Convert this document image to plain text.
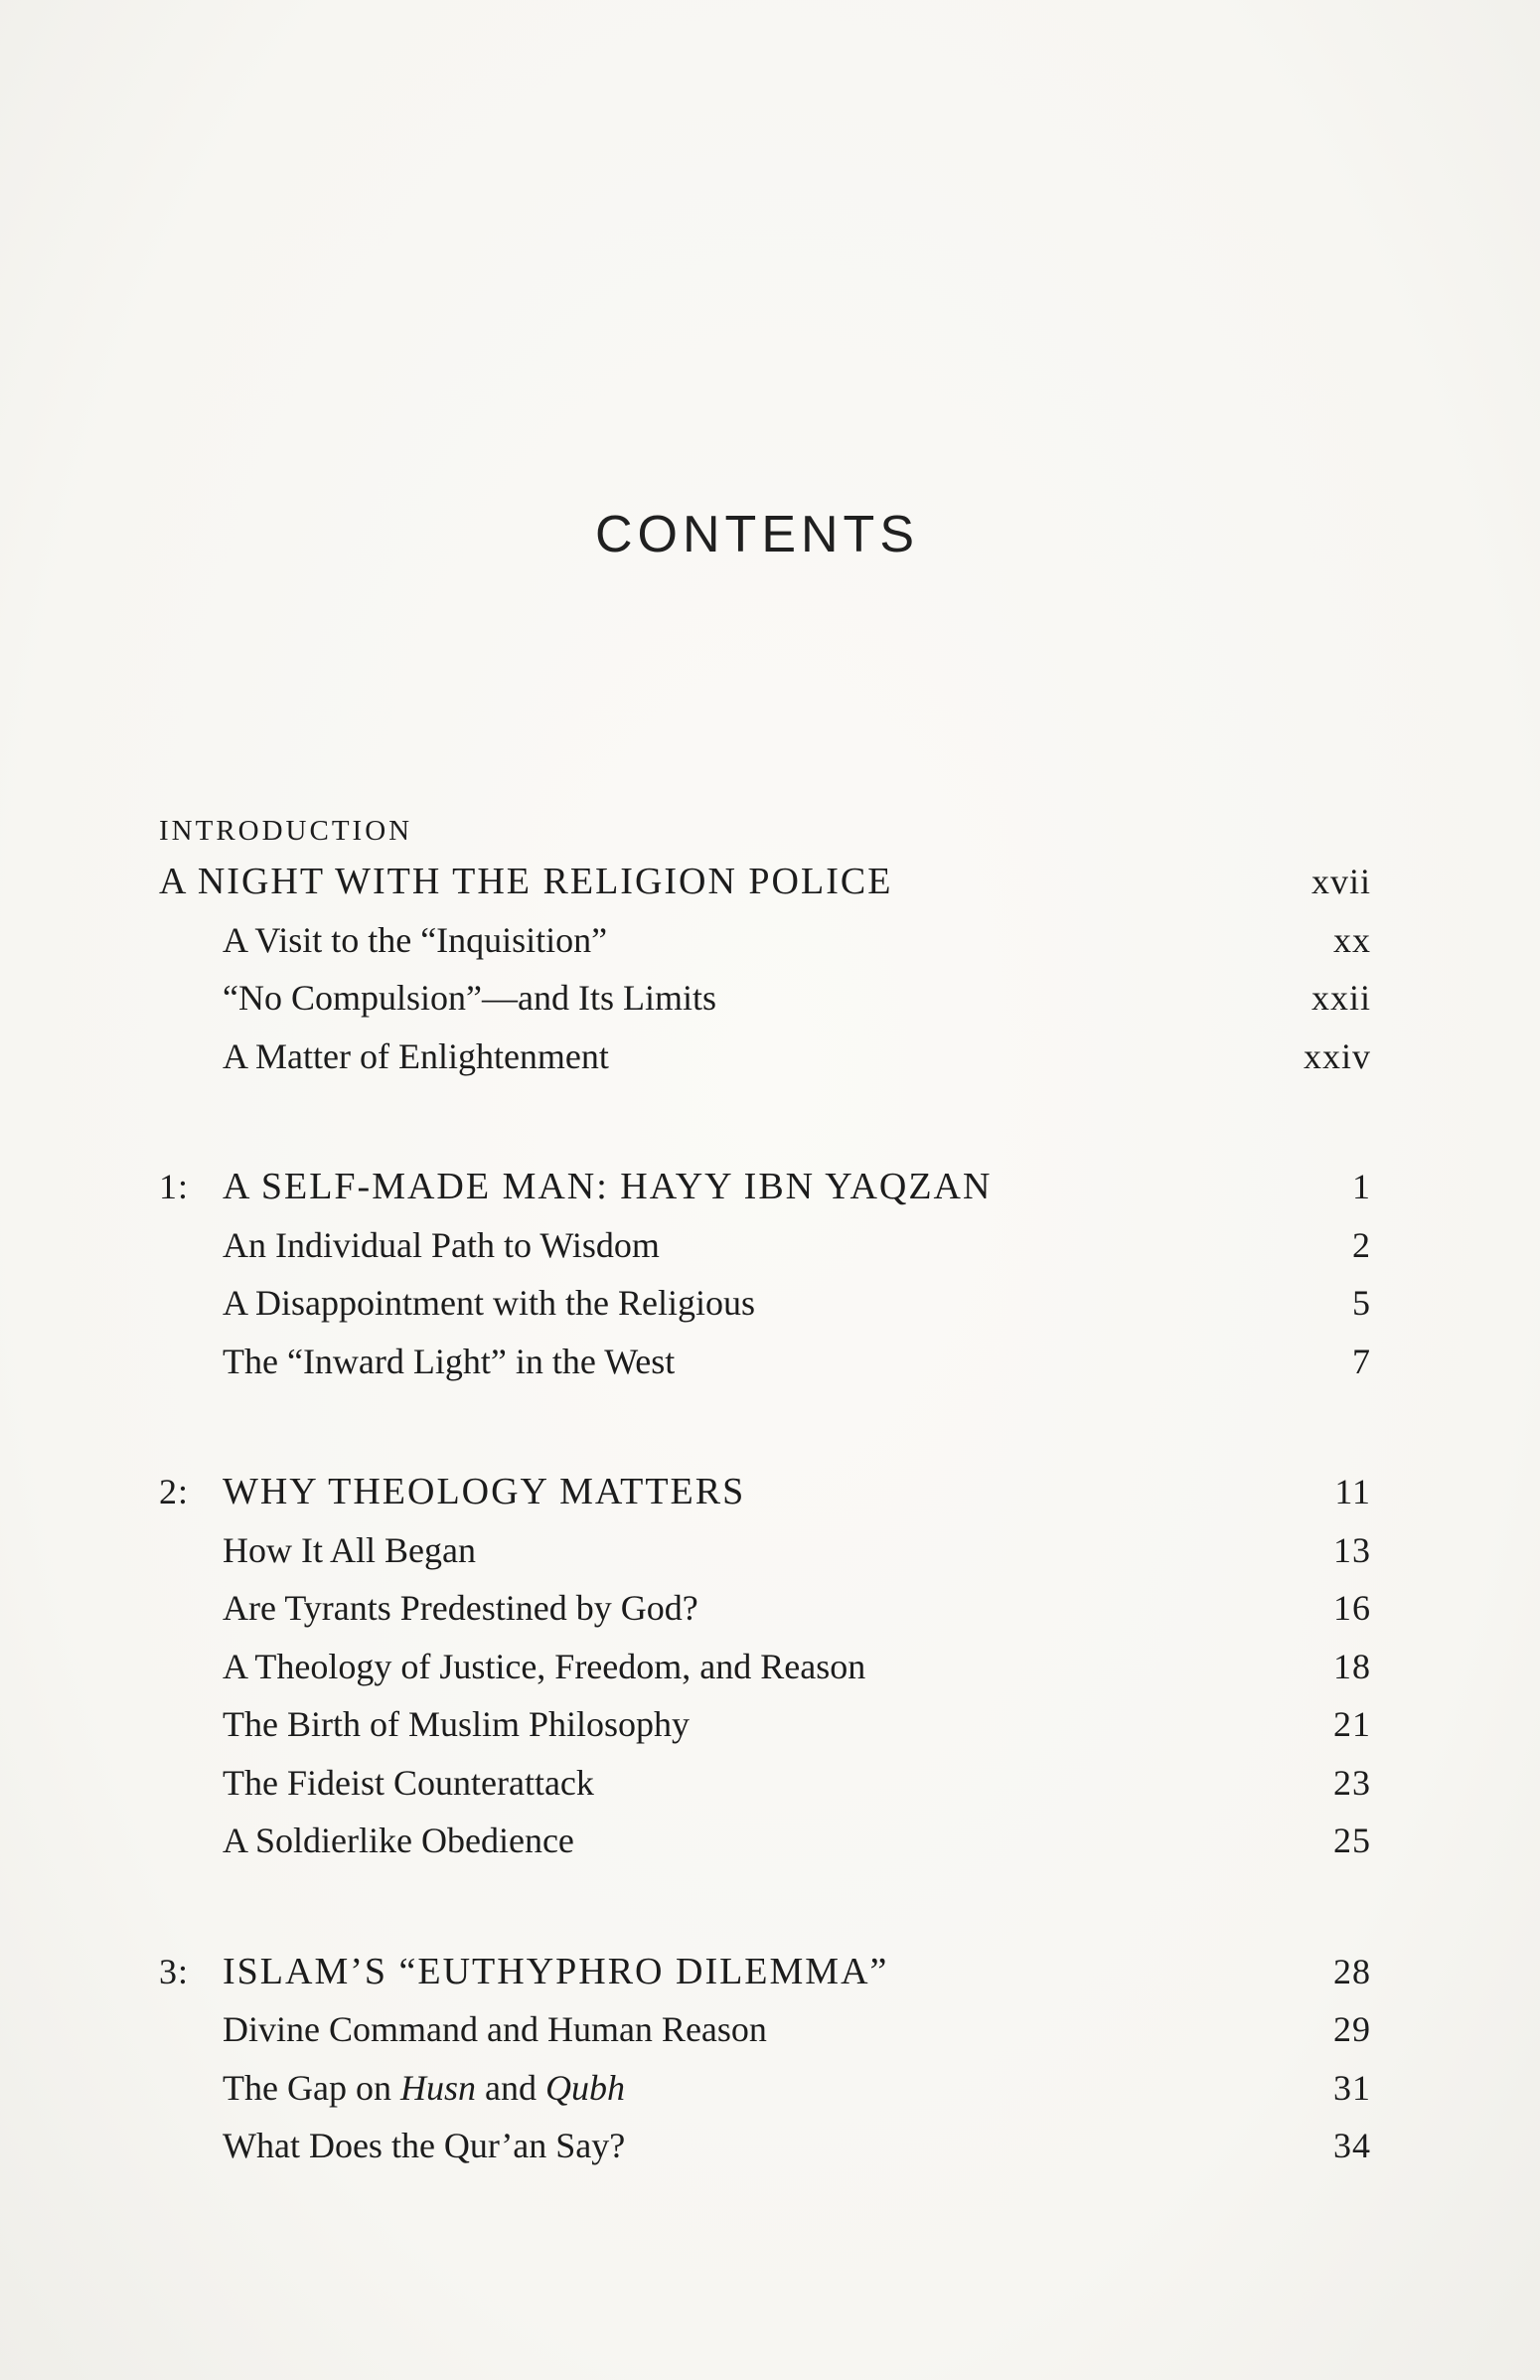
CONTENTS
INTRODUCTION
A NIGHT WITH THE RELIGION POLICE	xvii
A Visit to the “Inquisition”	xx
“No Compulsion”—and Its Limits	xxii
A Matter of Enlightenment	xxiv
1: A SELF-MADE MAN: HAYY IBN YAQZAN	1
An Individual Path to Wisdom	2
A Disappointment with the Religious	5
The “Inward Light” in the West	7
2: WHY THEOLOGY MATTERS	11
How It All Began	13
Are Tyrants Predestined by God?	16
A Theology of Justice, Freedom, and Reason	18
The Birth of Muslim Philosophy	21
The Fideist Counterattack	23
A Soldierlike Obedience	25
3: ISLAM’S “EUTHYPHRO DILEMMA”	28
Divine Command and Human Reason	29
The Gap on Husn and Qubh	31
What Does the Qur’an Say?	34
